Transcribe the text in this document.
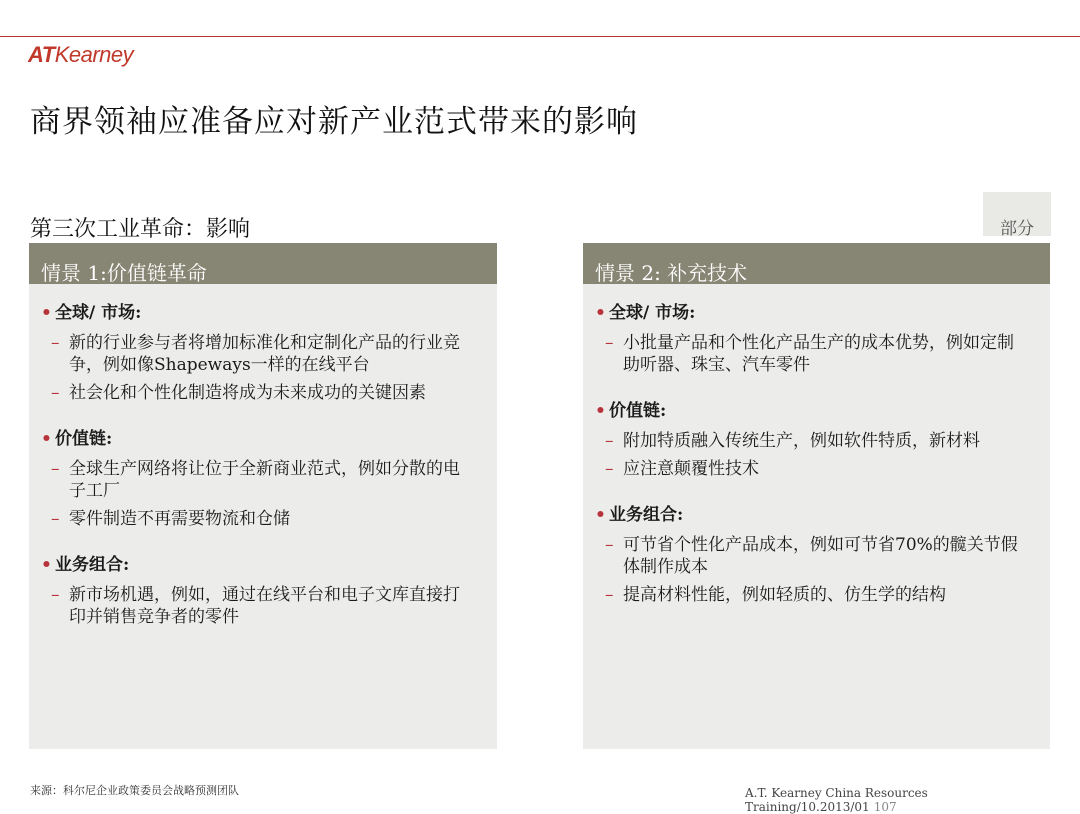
ATKearney
商界领袖应准备应对新产业范式带来的影响
第三次工业革命：影响	部分
情景 1:价值链革命
• 全球/ 市场:
– 新的行业参与者将增加标准化和定制化产品的行业竞争，例如像Shapeways一样的在线平台
– 社会化和个性化制造将成为未来成功的关键因素
• 价值链:
– 全球生产网络将让位于全新商业范式，例如分散的电子工厂
– 零件制造不再需要物流和仓储
• 业务组合:
– 新市场机遇，例如，通过在线平台和电子文库直接打印并销售竞争者的零件
情景 2: 补充技术
• 全球/ 市场:
– 小批量产品和个性化产品生产的成本优势，例如定制助听器、珠宝、汽车零件
• 价值链:
– 附加特质融入传统生产，例如软件特质，新材料
– 应注意颠覆性技术
• 业务组合:
– 可节省个性化产品成本，例如可节省70%的髋关节假体制作成本
– 提高材料性能，例如轻质的、仿生学的结构
来源：科尔尼企业政策委员会战略预测团队	A.T. Kearney China Resources Training/10.2013/01 107
